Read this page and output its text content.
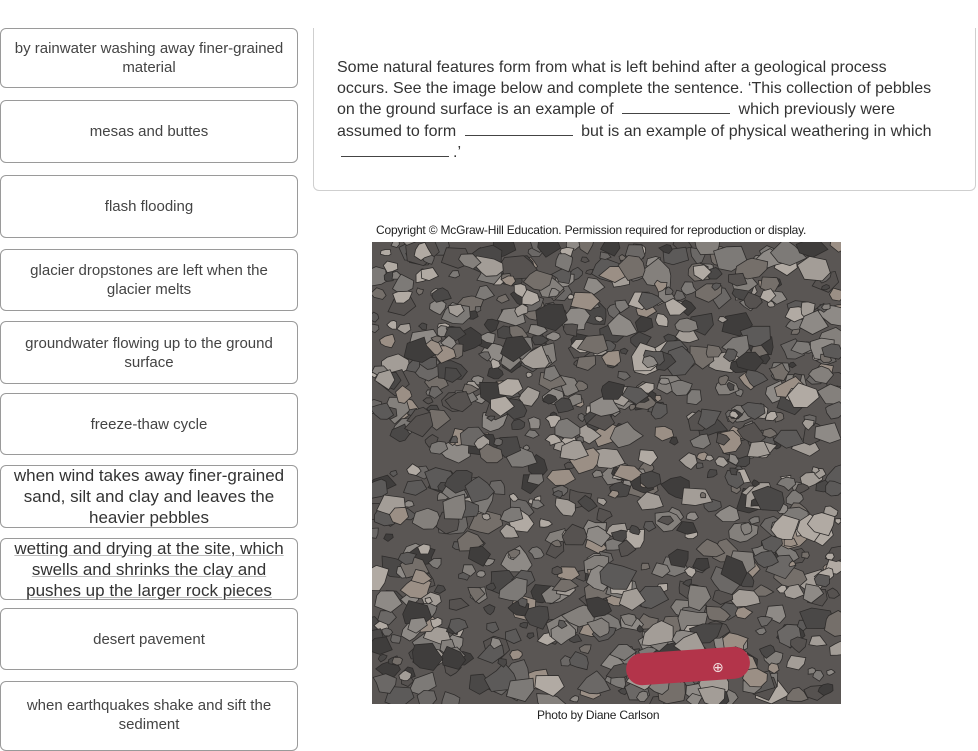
by rainwater washing away finer-grained material
mesas and buttes
flash flooding
glacier dropstones are left when the glacier melts
groundwater flowing up to the ground surface
freeze-thaw cycle
when wind takes away finer-grained sand, silt and clay and leaves the heavier pebbles
wetting and drying at the site, which swells and shrinks the clay and pushes up the larger rock pieces
desert pavement
when earthquakes shake and sift the sediment
Some natural features form from what is left behind after a geological process occurs. See the image below and complete the sentence. ‘This collection of pebbles on the ground surface is an example of	which previously were assumed to form	but is an example of physical weathering in which .’
Copyright © McGraw-Hill Education. Permission required for reproduction or display.
⊕
Photo by Diane Carlson
